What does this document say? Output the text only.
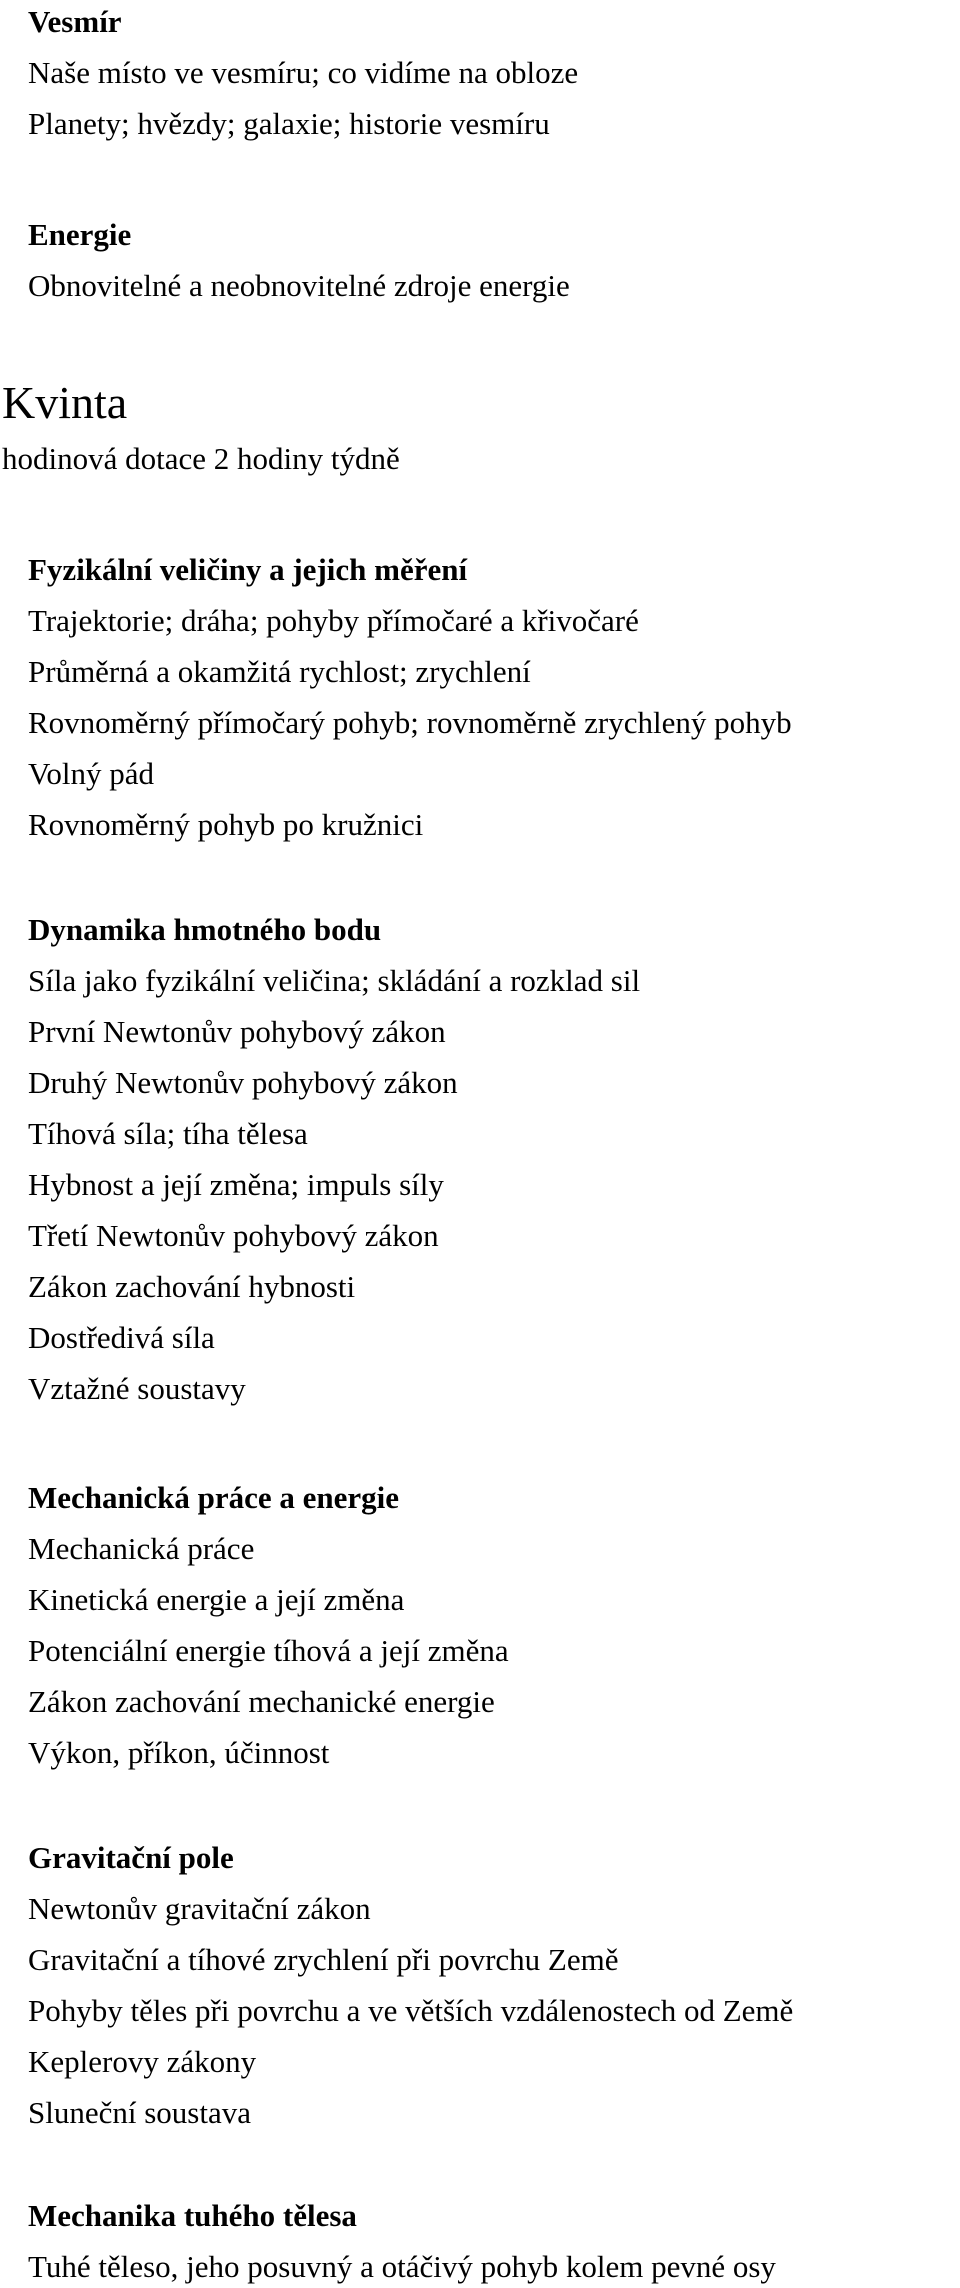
Vesmír
Naše místo ve vesmíru; co vidíme na obloze
Planety; hvězdy; galaxie; historie vesmíru
Energie
Obnovitelné a neobnovitelné zdroje energie
Kvinta
hodinová dotace 2 hodiny týdně
Fyzikální veličiny a jejich měření
Trajektorie; dráha; pohyby přímočaré a křivočaré
Průměrná a okamžitá rychlost; zrychlení
Rovnoměrný přímočarý pohyb; rovnoměrně zrychlený pohyb
Volný pád
Rovnoměrný pohyb po kružnici
Dynamika hmotného bodu
Síla jako fyzikální veličina; skládání a rozklad sil
První Newtonův pohybový zákon
Druhý Newtonův pohybový zákon
Tíhová síla; tíha tělesa
Hybnost a její změna; impuls síly
Třetí Newtonův pohybový zákon
Zákon zachování hybnosti
Dostředivá síla
Vztažné soustavy
Mechanická práce a energie
Mechanická práce
Kinetická energie a její změna
Potenciální energie tíhová a její změna
Zákon zachování mechanické energie
Výkon, příkon, účinnost
Gravitační pole
Newtonův gravitační zákon
Gravitační a tíhové zrychlení při povrchu Země
Pohyby těles při povrchu a ve větších vzdálenostech od Země
Keplerovy zákony
Sluneční soustava
Mechanika tuhého tělesa
Tuhé těleso, jeho posuvný a otáčivý pohyb kolem pevné osy
